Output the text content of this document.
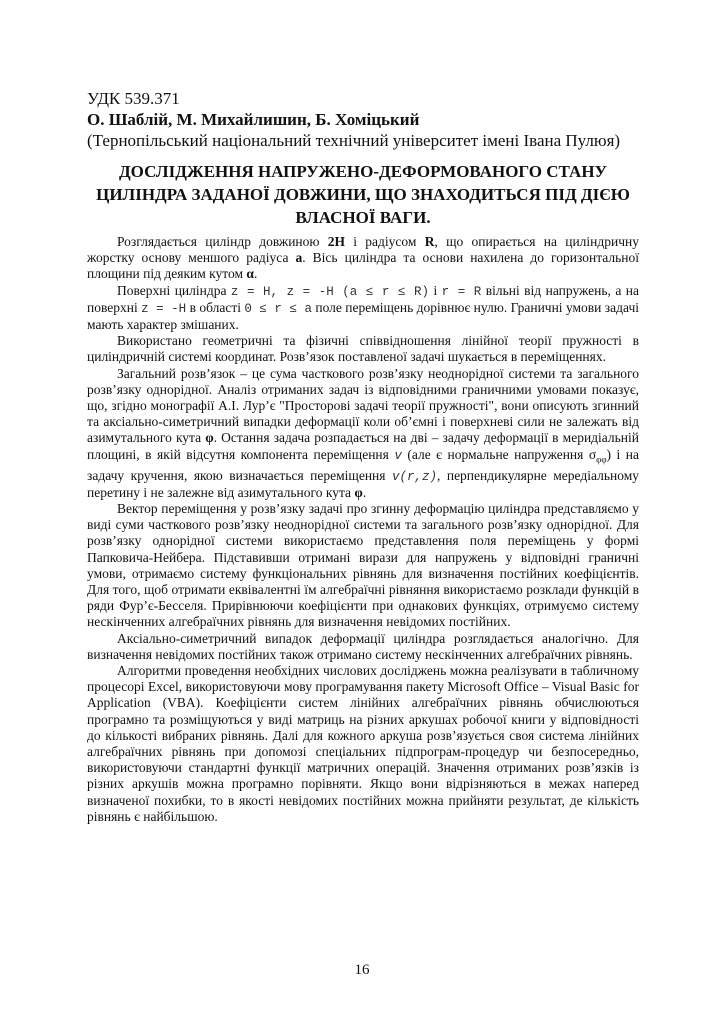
УДК 539.371
О. Шаблій, М. Михайлишин, Б. Хоміцький
(Тернопільський національний технічний університет імені Івана Пулюя)
ДОСЛІДЖЕННЯ НАПРУЖЕНО-ДЕФОРМОВАНОГО СТАНУ
ЦИЛІНДРА ЗАДАНОЇ ДОВЖИНИ, ЩО ЗНАХОДИТЬСЯ ПІД ДІЄЮ
ВЛАСНОЇ ВАГИ.

Розглядається циліндр довжиною 2H і радіусом R, що опирається на циліндричну жорстку основу меншого радіуса a. Вісь циліндра та основи нахилена до горизонтальної площини під деяким кутом α.

Поверхні циліндра z = H, z = -H (a ≤ r ≤ R) і r = R вільні від напружень, а на поверхні z = -H в області 0 ≤ r ≤ a поле переміщень дорівнює нулю. Граничні умови задачі мають характер змішаних.

Використано геометричні та фізичні співвідношення лінійної теорії пружності в циліндричній системі координат. Розв’язок поставленої задачі шукається в переміщеннях.

Загальний розв’язок – це сума часткового розв’язку неоднорідної системи та загального розв’язку однорідної. Аналіз отриманих задач із відповідними граничними умовами показує, що, згідно монографії А.І. Лур’є "Просторові задачі теорії пружності", вони описують згинний та аксіально-симетричний випадки деформації коли об’ємні і поверхневі сили не залежать від азимутального кута φ. Остання задача розпадається на дві – задачу деформації в меридіальній площині, в якій відсутня компонента переміщення v (але є нормальне напруження $\sigma_{\varphi\varphi}$) і на задачу кручення, якою визначається переміщення v(r,z), перпендикулярне мередіальному перетину і не залежне від азимутального кута φ.

Вектор переміщення у розв’язку задачі про згинну деформацію циліндра представляємо у виді суми часткового розв’язку неоднорідної системи та загального розв’язку однорідної. Для розв’язку однорідної системи використаємо представлення поля переміщень у формі Папковича-Нейбера. Підставивши отримані вирази для напружень у відповідні граничні умови, отримаємо систему функціональних рівнянь для визначення постійних коефіцієнтів. Для того, щоб отримати еквівалентні їм алгебраїчні рівняння використаємо розклади функцій в ряди Фур’є-Бесселя. Прирівнюючи коефіцієнти при однакових функціях, отримуємо систему нескінченних алгебраїчних рівнянь для визначення невідомих постійних.

Аксіально-симетричний випадок деформації циліндра розглядається аналогічно. Для визначення невідомих постійних також отримано систему нескінченних алгебраїчних рівнянь.

Алгоритми проведення необхідних числових досліджень можна реалізувати в табличному процесорі Excel, використовуючи мову програмування пакету Microsoft Office – Visual Basic for Application (VBA). Коефіцієнти систем лінійних алгебраїчних рівнянь обчислюються програмно та розміщуються у виді матриць на різних аркушах робочої книги у відповідності до кількості вибраних рівнянь. Далі для кожного аркуша розв’язується своя система лінійних алгебраїчних рівнянь при допомозі спеціальних підпрограм-процедур чи безпосередньо, використовуючи стандартні функції матричних операцій. Значення отриманих розв’язків із різних аркушів можна програмно порівняти. Якщо вони відрізняються в межах наперед визначеної похибки, то в якості невідомих постійних можна прийняти результат, де кількість рівнянь є найбільшою.

16
